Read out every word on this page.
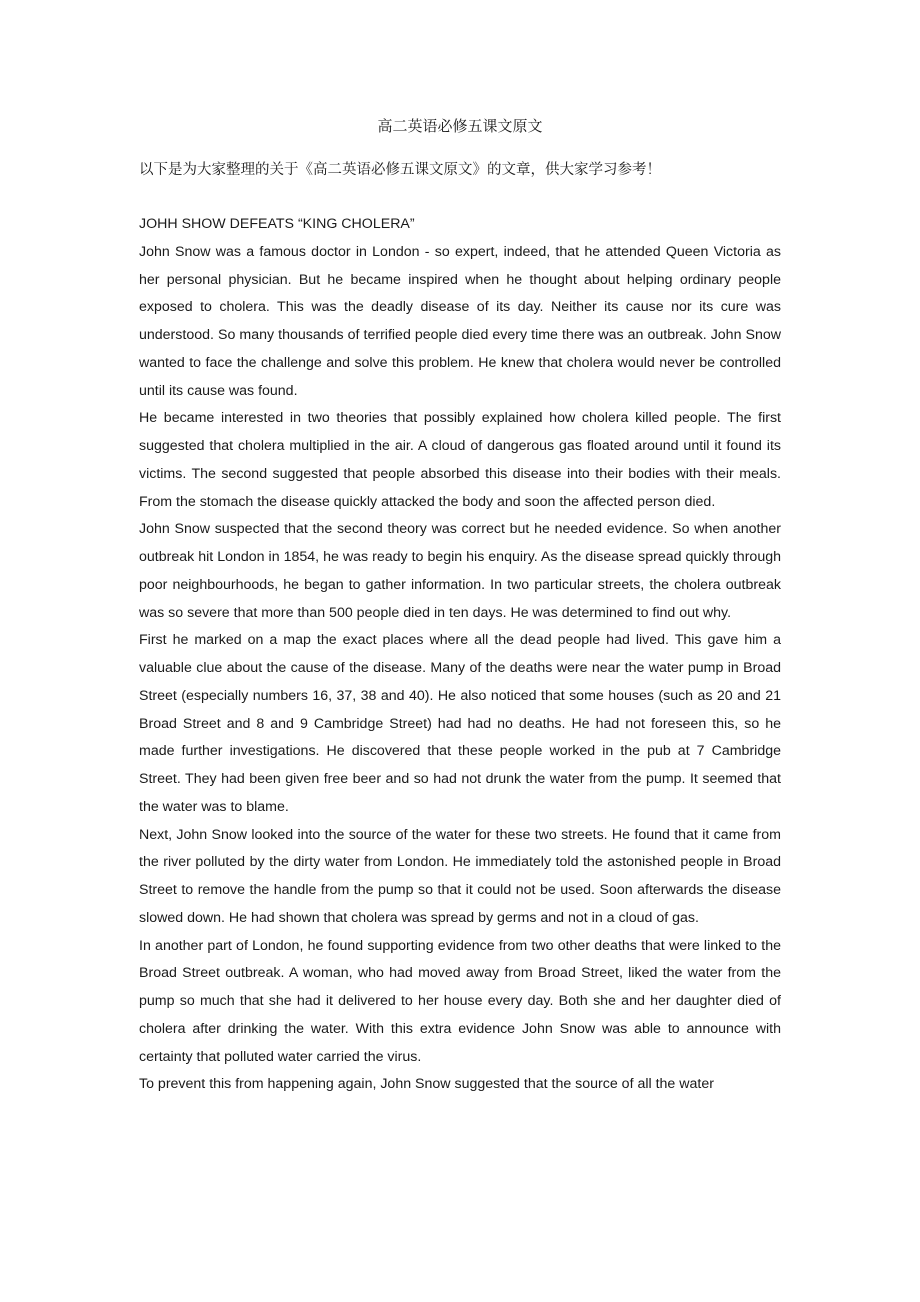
高二英语必修五课文原文
以下是为大家整理的关于《高二英语必修五课文原文》的文章，供大家学习参考！

JOHH SHOW DEFEATS “KING CHOLERA”

John Snow was a famous doctor in London - so expert, indeed, that he attended Queen Victoria as her personal physician. But he became inspired when he thought about helping ordinary people exposed to cholera. This was the deadly disease of its day. Neither its cause nor its cure was understood. So many thousands of terrified people died every time there was an outbreak. John Snow wanted to face the challenge and solve this problem. He knew that cholera would never be controlled until its cause was found.

He became interested in two theories that possibly explained how cholera killed people. The first suggested that cholera multiplied in the air. A cloud of dangerous gas floated around until it found its victims. The second suggested that people absorbed this disease into their bodies with their meals. From the stomach the disease quickly attacked the body and soon the affected person died.

John Snow suspected that the second theory was correct but he needed evidence. So when another outbreak hit London in 1854, he was ready to begin his enquiry. As the disease spread quickly through poor neighbourhoods, he began to gather information. In two particular streets, the cholera outbreak was so severe that more than 500 people died in ten days. He was determined to find out why.

First he marked on a map the exact places where all the dead people had lived. This gave him a valuable clue about the cause of the disease. Many of the deaths were near the water pump in Broad Street (especially numbers 16, 37, 38 and 40). He also noticed that some houses (such as 20 and 21 Broad Street and 8 and 9 Cambridge Street) had had no deaths. He had not foreseen this, so he made further investigations. He discovered that these people worked in the pub at 7 Cambridge Street. They had been given free beer and so had not drunk the water from the pump. It seemed that the water was to blame.

Next, John Snow looked into the source of the water for these two streets. He found that it came from the river polluted by the dirty water from London. He immediately told the astonished people in Broad Street to remove the handle from the pump so that it could not be used. Soon afterwards the disease slowed down. He had shown that cholera was spread by germs and not in a cloud of gas.

In another part of London, he found supporting evidence from two other deaths that were linked to the Broad Street outbreak. A woman, who had moved away from Broad Street, liked the water from the pump so much that she had it delivered to her house every day. Both she and her daughter died of cholera after drinking the water. With this extra evidence John Snow was able to announce with certainty that polluted water carried the virus.

To prevent this from happening again, John Snow suggested that the source of all the water
